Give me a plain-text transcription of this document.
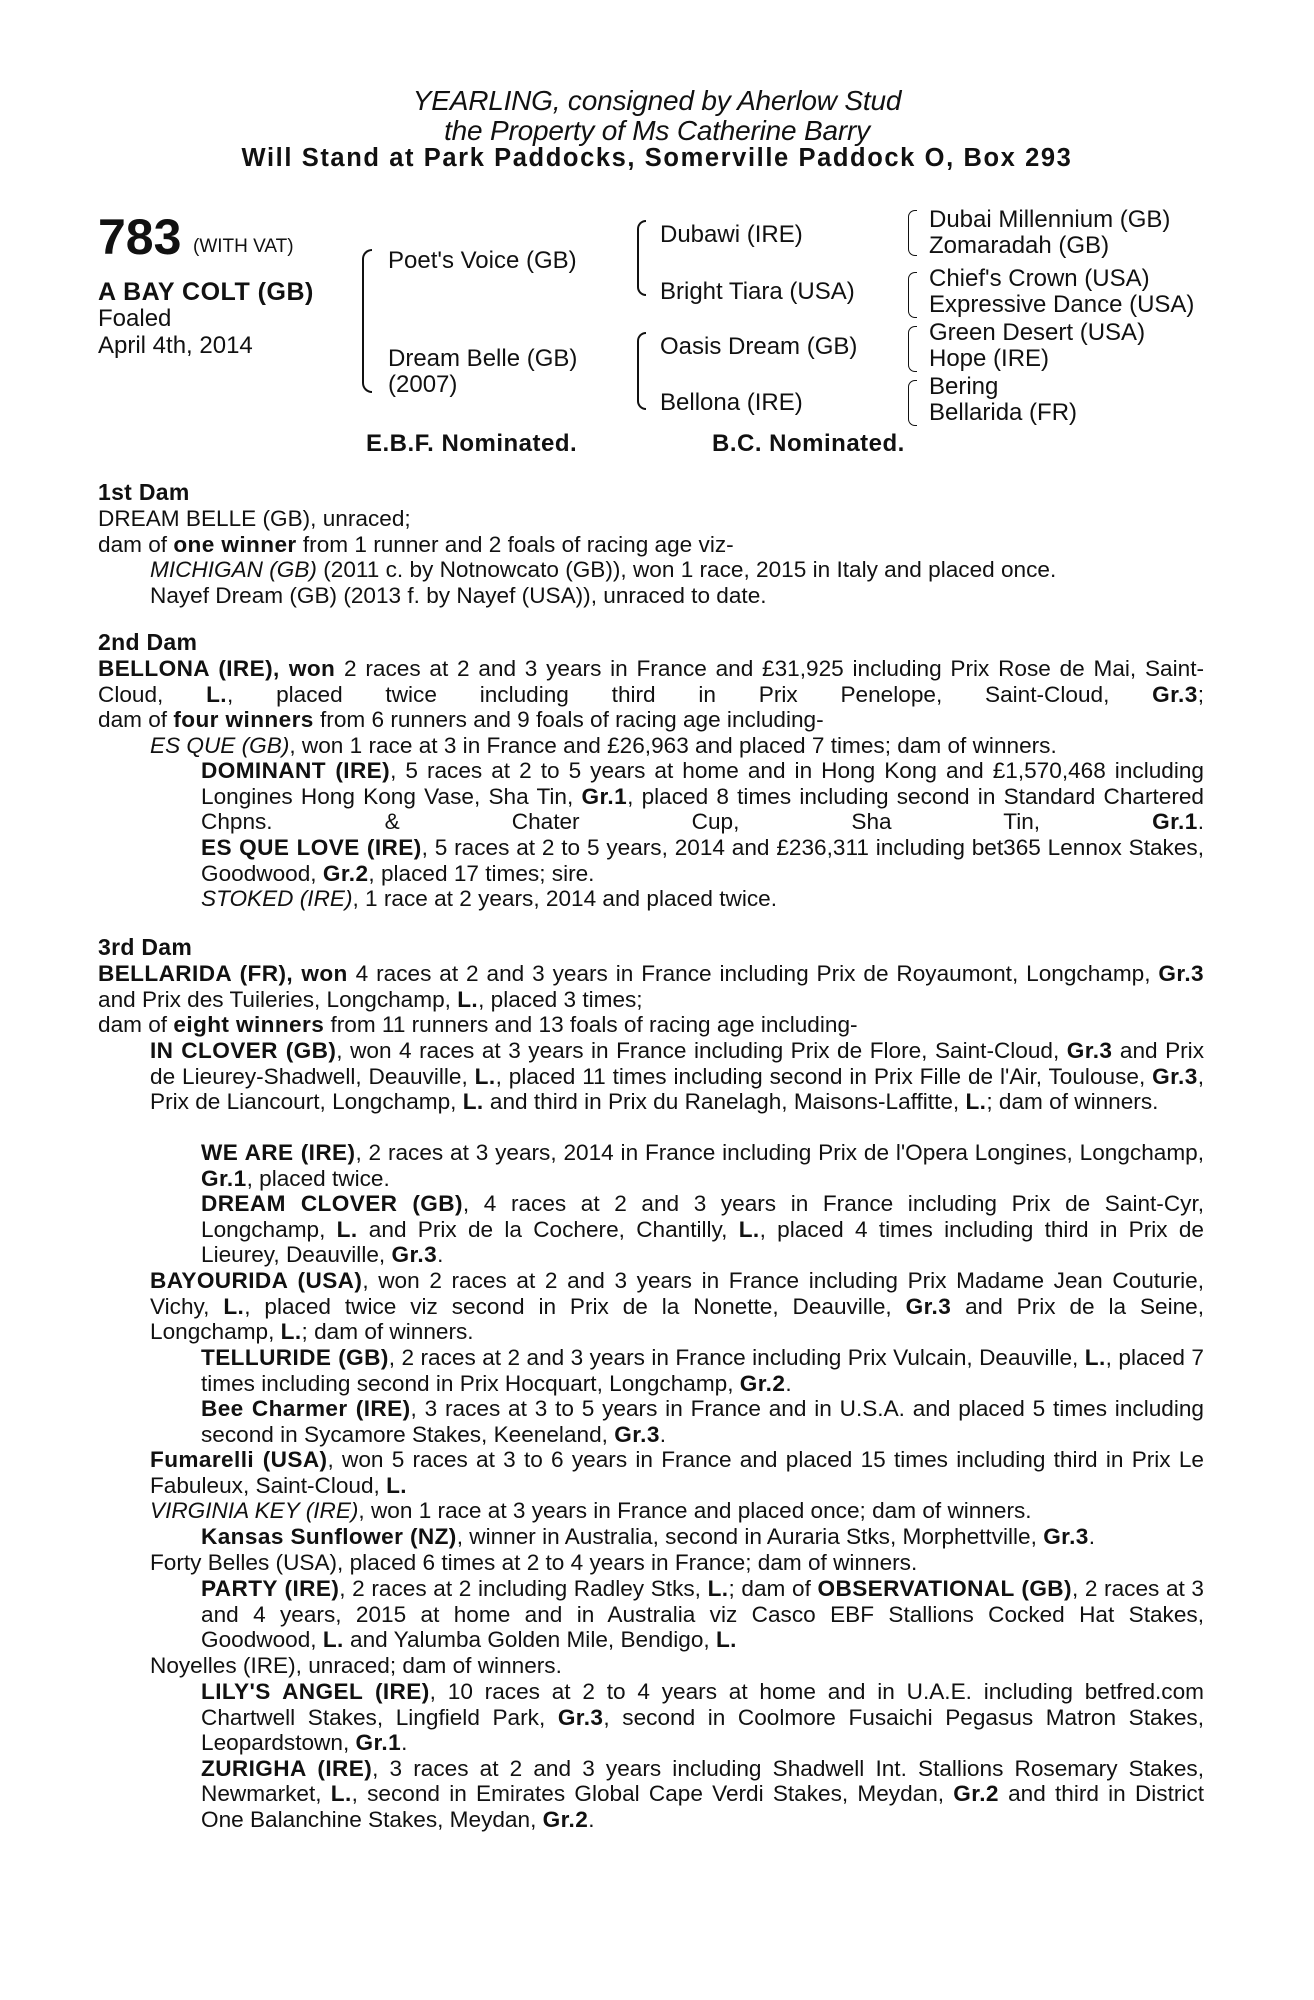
YEARLING, consigned by Aherlow Stud
the Property of Ms Catherine Barry
Will Stand at Park Paddocks, Somerville Paddock O, Box 293
783 (WITH VAT)
A BAY COLT (GB)
Foaled
April 4th, 2014
Poet's Voice (GB)
Dream Belle (GB)
(2007)
Dubawi (IRE)
Bright Tiara (USA)
Oasis Dream (GB)
Bellona (IRE)
Dubai Millennium (GB)
Zomaradah (GB)
Chief's Crown (USA)
Expressive Dance (USA)
Green Desert (USA)
Hope (IRE)
Bering
Bellarida (FR)
E.B.F. Nominated.	B.C. Nominated.
1st Dam
DREAM BELLE (GB), unraced;
dam of one winner from 1 runner and 2 foals of racing age viz-
MICHIGAN (GB) (2011 c. by Notnowcato (GB)), won 1 race, 2015 in Italy and placed once.
Nayef Dream (GB) (2013 f. by Nayef (USA)), unraced to date.
2nd Dam
BELLONA (IRE), won 2 races at 2 and 3 years in France and £31,925 including Prix Rose de Mai, Saint-Cloud, L., placed twice including third in Prix Penelope, Saint-Cloud, Gr.3;
dam of four winners from 6 runners and 9 foals of racing age including-
ES QUE (GB), won 1 race at 3 in France and £26,963 and placed 7 times; dam of winners.
DOMINANT (IRE), 5 races at 2 to 5 years at home and in Hong Kong and £1,570,468 including Longines Hong Kong Vase, Sha Tin, Gr.1, placed 8 times including second in Standard Chartered Chpns. & Chater Cup, Sha Tin, Gr.1.
ES QUE LOVE (IRE), 5 races at 2 to 5 years, 2014 and £236,311 including bet365 Lennox Stakes, Goodwood, Gr.2, placed 17 times; sire.
STOKED (IRE), 1 race at 2 years, 2014 and placed twice.
3rd Dam
BELLARIDA (FR), won 4 races at 2 and 3 years in France including Prix de Royaumont, Longchamp, Gr.3 and Prix des Tuileries, Longchamp, L., placed 3 times;
dam of eight winners from 11 runners and 13 foals of racing age including-
IN CLOVER (GB), won 4 races at 3 years in France including Prix de Flore, Saint-Cloud, Gr.3 and Prix de Lieurey-Shadwell, Deauville, L., placed 11 times including second in Prix Fille de l'Air, Toulouse, Gr.3, Prix de Liancourt, Longchamp, L. and third in Prix du Ranelagh, Maisons-Laffitte, L.; dam of winners.
WE ARE (IRE), 2 races at 3 years, 2014 in France including Prix de l'Opera Longines, Longchamp, Gr.1, placed twice.
DREAM CLOVER (GB), 4 races at 2 and 3 years in France including Prix de Saint-Cyr, Longchamp, L. and Prix de la Cochere, Chantilly, L., placed 4 times including third in Prix de Lieurey, Deauville, Gr.3.
BAYOURIDA (USA), won 2 races at 2 and 3 years in France including Prix Madame Jean Couturie, Vichy, L., placed twice viz second in Prix de la Nonette, Deauville, Gr.3 and Prix de la Seine, Longchamp, L.; dam of winners.
TELLURIDE (GB), 2 races at 2 and 3 years in France including Prix Vulcain, Deauville, L., placed 7 times including second in Prix Hocquart, Longchamp, Gr.2.
Bee Charmer (IRE), 3 races at 3 to 5 years in France and in U.S.A. and placed 5 times including second in Sycamore Stakes, Keeneland, Gr.3.
Fumarelli (USA), won 5 races at 3 to 6 years in France and placed 15 times including third in Prix Le Fabuleux, Saint-Cloud, L.
VIRGINIA KEY (IRE), won 1 race at 3 years in France and placed once; dam of winners.
Kansas Sunflower (NZ), winner in Australia, second in Auraria Stks, Morphettville, Gr.3.
Forty Belles (USA), placed 6 times at 2 to 4 years in France; dam of winners.
PARTY (IRE), 2 races at 2 including Radley Stks, L.; dam of OBSERVATIONAL (GB), 2 races at 3 and 4 years, 2015 at home and in Australia viz Casco EBF Stallions Cocked Hat Stakes, Goodwood, L. and Yalumba Golden Mile, Bendigo, L.
Noyelles (IRE), unraced; dam of winners.
LILY'S ANGEL (IRE), 10 races at 2 to 4 years at home and in U.A.E. including betfred.com Chartwell Stakes, Lingfield Park, Gr.3, second in Coolmore Fusaichi Pegasus Matron Stakes, Leopardstown, Gr.1.
ZURIGHA (IRE), 3 races at 2 and 3 years including Shadwell Int. Stallions Rosemary Stakes, Newmarket, L., second in Emirates Global Cape Verdi Stakes, Meydan, Gr.2 and third in District One Balanchine Stakes, Meydan, Gr.2.
